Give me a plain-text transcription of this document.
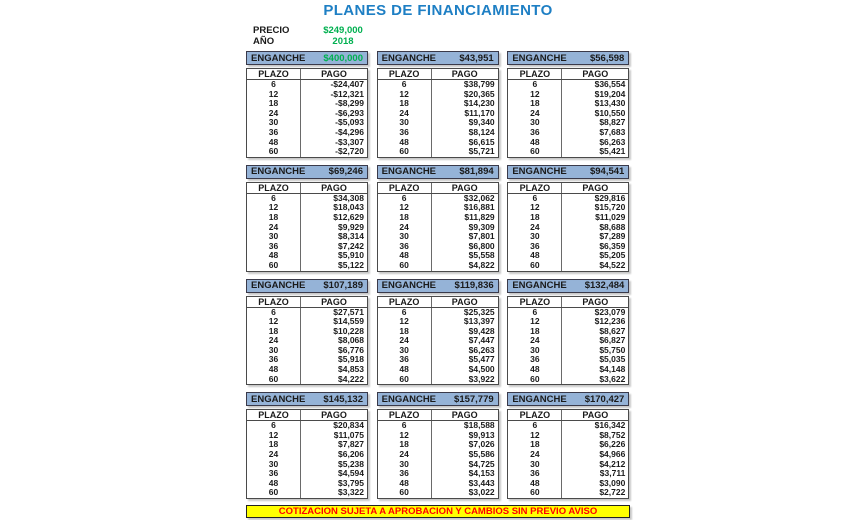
PLANES DE FINANCIAMIENTO
PRECIO	$249,000
AÑO	2018
ENGANCHE $400,000
PLAZO	PAGO
6	-$24,407
12	-$12,321
18	-$8,299
24	-$6,293
30	-$5,093
36	-$4,296
48	-$3,307
60	-$2,720
ENGANCHE $43,951
PLAZO	PAGO
6	$38,799
12	$20,365
18	$14,230
24	$11,170
30	$9,340
36	$8,124
48	$6,615
60	$5,721
ENGANCHE $56,598
PLAZO	PAGO
6	$36,554
12	$19,204
18	$13,430
24	$10,550
30	$8,827
36	$7,683
48	$6,263
60	$5,421
ENGANCHE $69,246
PLAZO	PAGO
6	$34,308
12	$18,043
18	$12,629
24	$9,929
30	$8,314
36	$7,242
48	$5,910
60	$5,122
ENGANCHE $81,894
PLAZO	PAGO
6	$32,062
12	$16,881
18	$11,829
24	$9,309
30	$7,801
36	$6,800
48	$5,558
60	$4,822
ENGANCHE $94,541
PLAZO	PAGO
6	$29,816
12	$15,720
18	$11,029
24	$8,688
30	$7,289
36	$6,359
48	$5,205
60	$4,522
ENGANCHE $107,189
PLAZO	PAGO
6	$27,571
12	$14,559
18	$10,228
24	$8,068
30	$6,776
36	$5,918
48	$4,853
60	$4,222
ENGANCHE $119,836
PLAZO	PAGO
6	$25,325
12	$13,397
18	$9,428
24	$7,447
30	$6,263
36	$5,477
48	$4,500
60	$3,922
ENGANCHE $132,484
PLAZO	PAGO
6	$23,079
12	$12,236
18	$8,627
24	$6,827
30	$5,750
36	$5,035
48	$4,148
60	$3,622
ENGANCHE $145,132
PLAZO	PAGO
6	$20,834
12	$11,075
18	$7,827
24	$6,206
30	$5,238
36	$4,594
48	$3,795
60	$3,322
ENGANCHE $157,779
PLAZO	PAGO
6	$18,588
12	$9,913
18	$7,026
24	$5,586
30	$4,725
36	$4,153
48	$3,443
60	$3,022
ENGANCHE $170,427
PLAZO	PAGO
6	$16,342
12	$8,752
18	$6,226
24	$4,966
30	$4,212
36	$3,711
48	$3,090
60	$2,722
COTIZACION SUJETA A APROBACION Y CAMBIOS SIN PREVIO AVISO
